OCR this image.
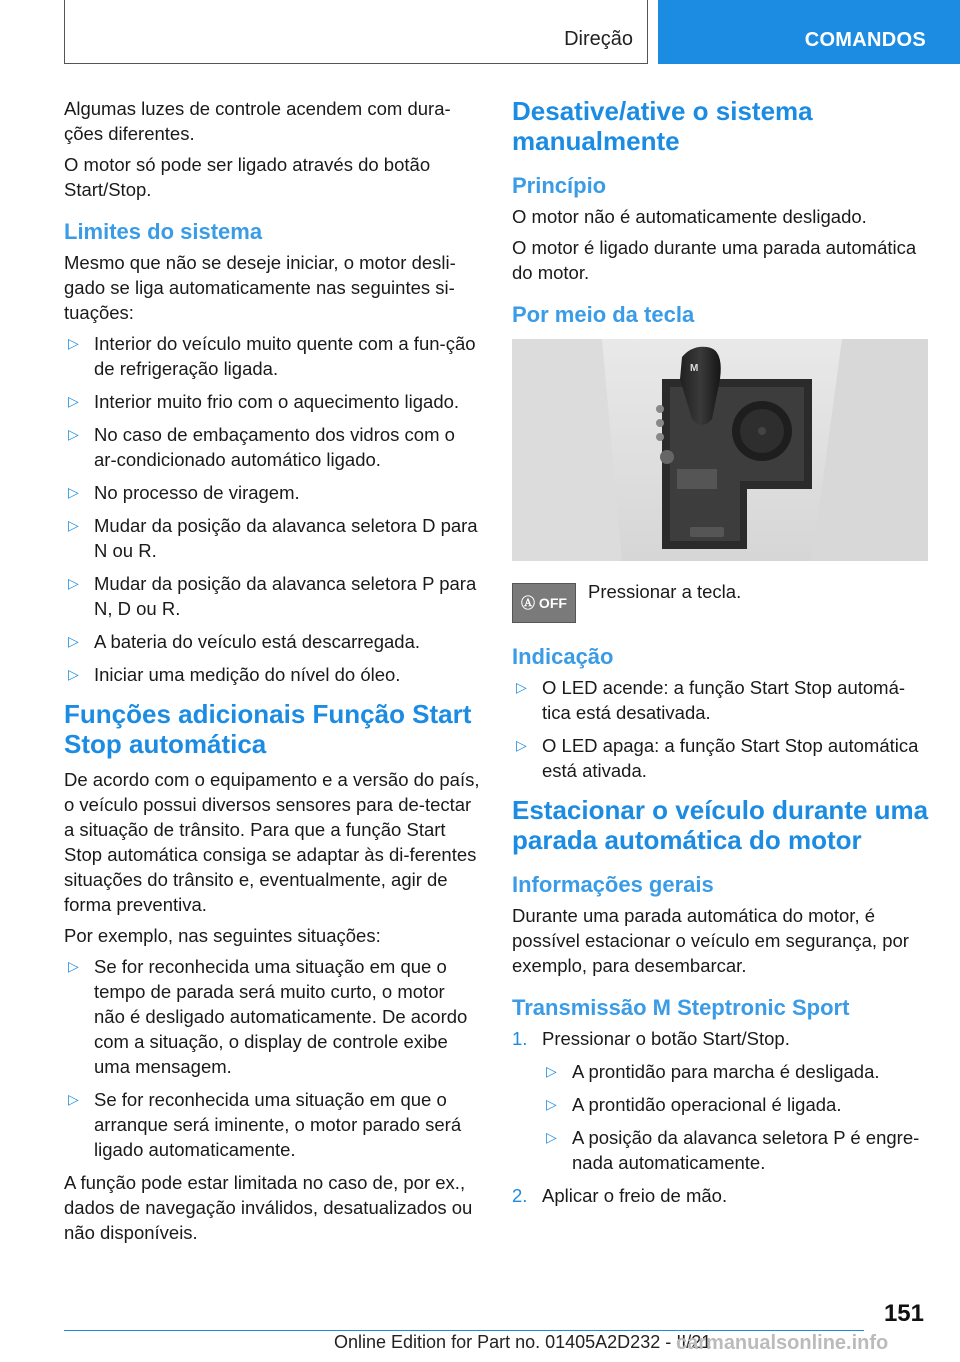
Direção	COMANDOS

Algumas luzes de controle acendem com dura-ções diferentes.

O motor só pode ser ligado através do botão Start/Stop.

Limites do sistema

Mesmo que não se deseje iniciar, o motor desli-gado se liga automaticamente nas seguintes si-tuações:

▷ Interior do veículo muito quente com a fun-ção de refrigeração ligada.
▷ Interior muito frio com o aquecimento ligado.
▷ No caso de embaçamento dos vidros com o ar-condicionado automático ligado.
▷ No processo de viragem.
▷ Mudar da posição da alavanca seletora D para N ou R.
▷ Mudar da posição da alavanca seletora P para N, D ou R.
▷ A bateria do veículo está descarregada.
▷ Iniciar uma medição do nível do óleo.
Funções adicionais Função Start Stop automática

De acordo com o equipamento e a versão do país, o veículo possui diversos sensores para de-tectar a situação de trânsito. Para que a função Start Stop automática consiga se adaptar às di-ferentes situações do trânsito e, eventualmente, agir de forma preventiva.

Por exemplo, nas seguintes situações:

▷ Se for reconhecida uma situação em que o tempo de parada será muito curto, o motor não é desligado automaticamente. De acordo com a situação, o display de controle exibe uma mensagem.
▷ Se for reconhecida uma situação em que o arranque será iminente, o motor parado será ligado automaticamente.

A função pode estar limitada no caso de, por ex., dados de navegação inválidos, desatualizados ou não disponíveis.

Desative/ative o sistema manualmente
Princípio

O motor não é automaticamente desligado.

O motor é ligado durante uma parada automática do motor.

Por meio da tecla
M
Ⓐ OFF
Pressionar a tecla.
Indicação
▷ O LED acende: a função Start Stop automá-tica está desativada.
▷ O LED apaga: a função Start Stop automática está ativada.
Estacionar o veículo durante uma parada automática do motor
Informações gerais

Durante uma parada automática do motor, é possível estacionar o veículo em segurança, por exemplo, para desembarcar.

Transmissão M Steptronic Sport
1. Pressionar o botão Start/Stop.
▷ A prontidão para marcha é desligada.
▷ A prontidão operacional é ligada.
▷ A posição da alavanca seletora P é engre-nada automaticamente.
2. Aplicar o freio de mão.
151
Online Edition for Part no. 01405A2D232 - II/21
carmanualsonline.info
